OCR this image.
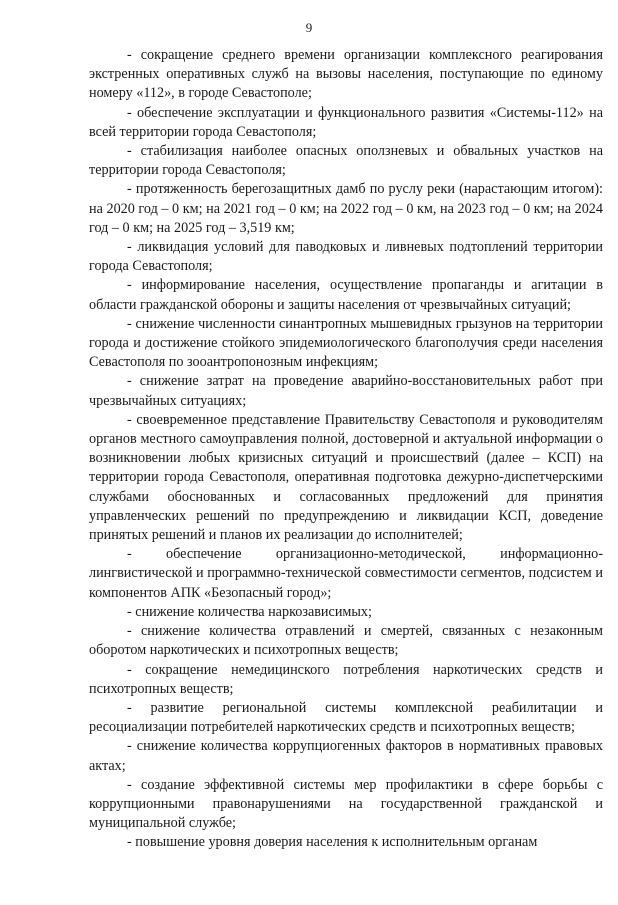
9

- сокращение среднего времени организации комплексного реагирования экстренных оперативных служб на вызовы населения, поступающие по единому номеру «112», в городе Севастополе;

- обеспечение эксплуатации и функционального развития «Системы-112» на всей территории города Севастополя;

- стабилизация наиболее опасных оползневых и обвальных участков на территории города Севастополя;

- протяженность берегозащитных дамб по руслу реки (нарастающим итогом): на 2020 год – 0 км; на 2021 год – 0 км; на 2022 год – 0 км, на 2023 год – 0 км; на 2024 год – 0 км; на 2025 год – 3,519 км;

- ликвидация условий для паводковых и ливневых подтоплений территории города Севастополя;

- информирование населения, осуществление пропаганды и агитации в области гражданской обороны и защиты населения от чрезвычайных ситуаций;

- снижение численности синантропных мышевидных грызунов на территории города и достижение стойкого эпидемиологического благополучия среди населения Севастополя по зооантропонозным инфекциям;

- снижение затрат на проведение аварийно-восстановительных работ при чрезвычайных ситуациях;

- своевременное представление Правительству Севастополя и руководителям органов местного самоуправления полной, достоверной и актуальной информации о возникновении любых кризисных ситуаций и происшествий (далее – КСП) на территории города Севастополя, оперативная подготовка дежурно-диспетчерскими службами обоснованных и согласованных предложений для принятия управленческих решений по предупреждению и ликвидации КСП, доведение принятых решений и планов их реализации до исполнителей;

- обеспечение организационно-методической, информационно-лингвистической и программно-технической совместимости сегментов, подсистем и компонентов АПК «Безопасный город»;

- снижение количества наркозависимых;

- снижение количества отравлений и смертей, связанных с незаконным оборотом наркотических и психотропных веществ;

- сокращение немедицинского потребления наркотических средств и психотропных веществ;

- развитие региональной системы комплексной реабилитации и ресоциализации потребителей наркотических средств и психотропных веществ;

- снижение количества коррупциогенных факторов в нормативных правовых актах;

- создание эффективной системы мер профилактики в сфере борьбы с коррупционными правонарушениями на государственной гражданской и муниципальной службе;

- повышение уровня доверия населения к исполнительным органам
